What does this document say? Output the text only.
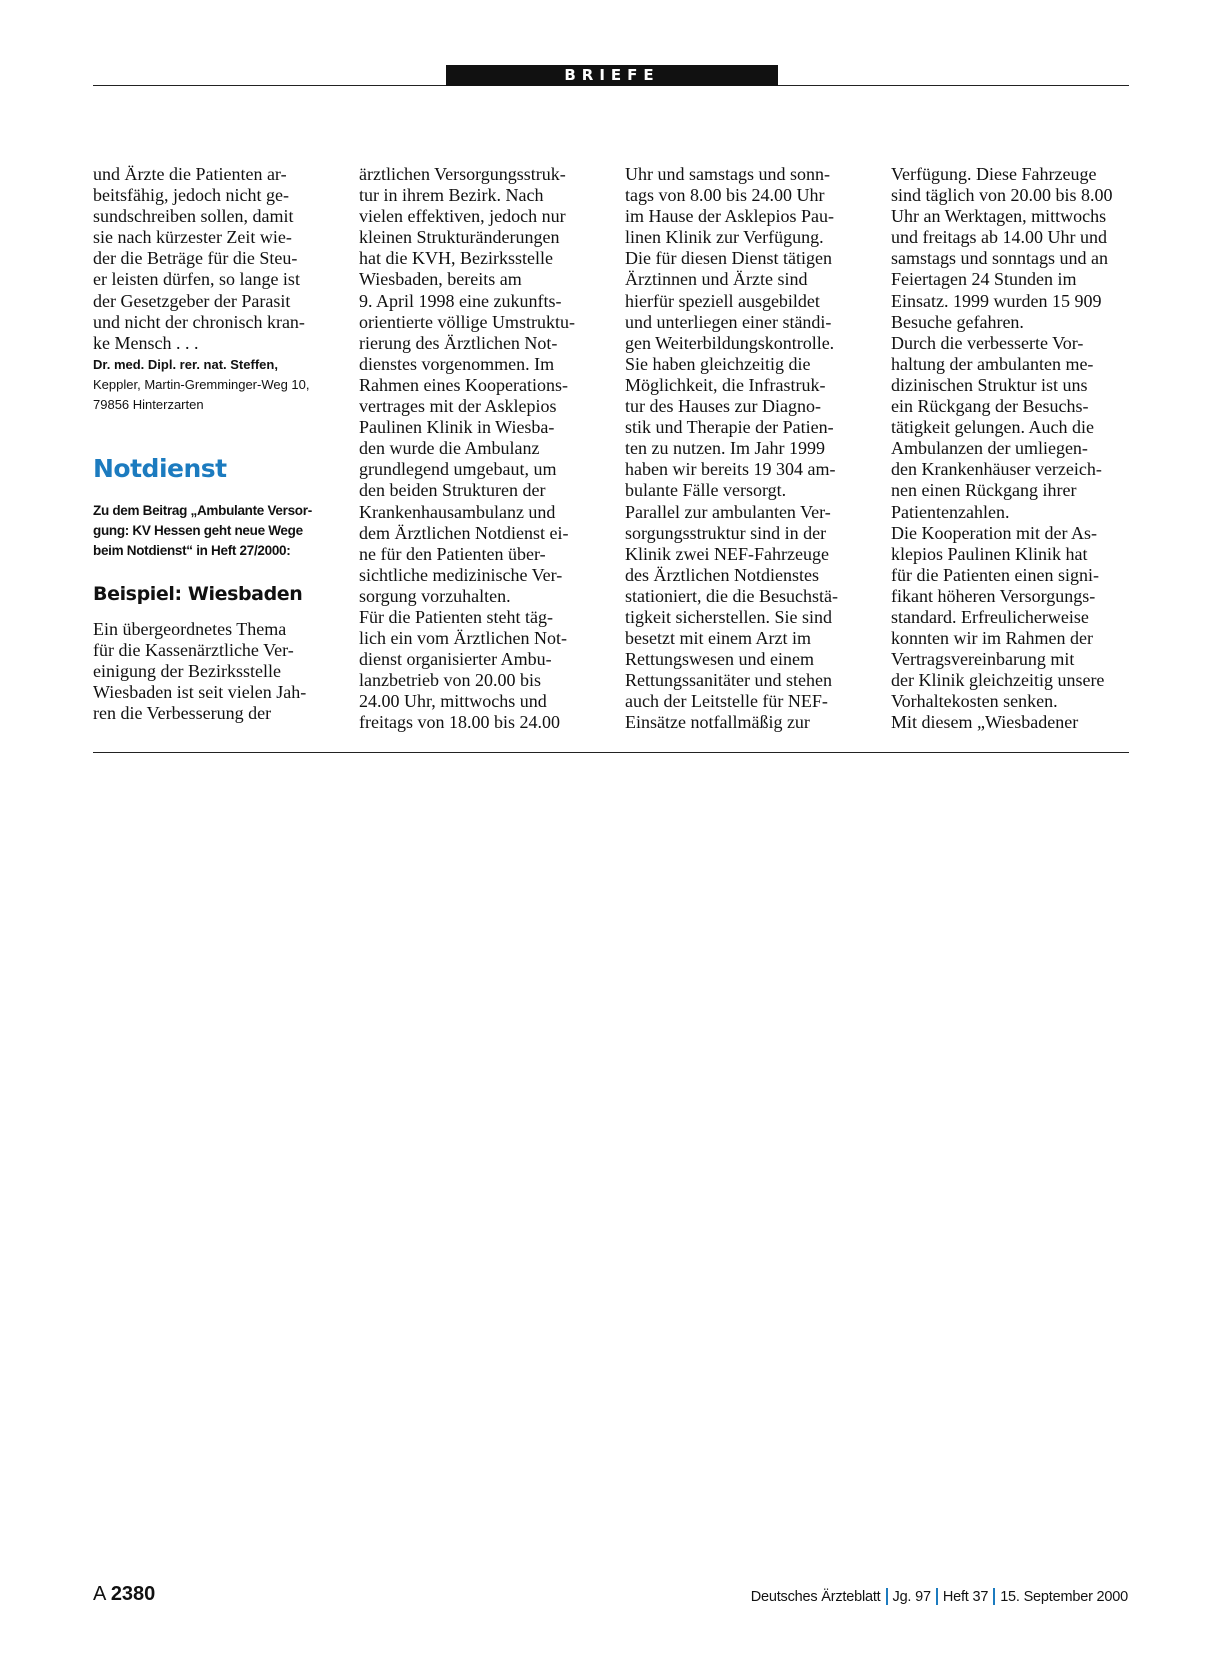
BRIEFE
und Ärzte die Patienten ar-
beitsfähig, jedoch nicht ge-
sundschreiben sollen, damit
sie nach kürzester Zeit wie-
der die Beträge für die Steu-
er leisten dürfen, so lange ist
der Gesetzgeber der Parasit
und nicht der chronisch kran-
ke Mensch . . .
Dr. med. Dipl. rer. nat. Steffen,
Keppler, Martin-Gremminger-Weg 10,
79856 Hinterzarten
Notdienst
Zu dem Beitrag „Ambulante Versor-
gung: KV Hessen geht neue Wege
beim Notdienst“ in Heft 27/2000:
Beispiel: Wiesbaden
Ein übergeordnetes Thema
für die Kassenärztliche Ver-
einigung der Bezirksstelle
Wiesbaden ist seit vielen Jah-
ren die Verbesserung der
ärztlichen Versorgungsstruk-
tur in ihrem Bezirk. Nach
vielen effektiven, jedoch nur
kleinen Strukturänderungen
hat die KVH, Bezirksstelle
Wiesbaden, bereits am
9. April 1998 eine zukunfts-
orientierte völlige Umstruktu-
rierung des Ärztlichen Not-
dienstes vorgenommen. Im
Rahmen eines Kooperations-
vertrages mit der Asklepios
Paulinen Klinik in Wiesba-
den wurde die Ambulanz
grundlegend umgebaut, um
den beiden Strukturen der
Krankenhausambulanz und
dem Ärztlichen Notdienst ei-
ne für den Patienten über-
sichtliche medizinische Ver-
sorgung vorzuhalten.
Für die Patienten steht täg-
lich ein vom Ärztlichen Not-
dienst organisierter Ambu-
lanzbetrieb von 20.00 bis
24.00 Uhr, mittwochs und
freitags von 18.00 bis 24.00
Uhr und samstags und sonn-
tags von 8.00 bis 24.00 Uhr
im Hause der Asklepios Pau-
linen Klinik zur Verfügung.
Die für diesen Dienst tätigen
Ärztinnen und Ärzte sind
hierfür speziell ausgebildet
und unterliegen einer ständi-
gen Weiterbildungskontrolle.
Sie haben gleichzeitig die
Möglichkeit, die Infrastruk-
tur des Hauses zur Diagno-
stik und Therapie der Patien-
ten zu nutzen. Im Jahr 1999
haben wir bereits 19 304 am-
bulante Fälle versorgt.
Parallel zur ambulanten Ver-
sorgungsstruktur sind in der
Klinik zwei NEF-Fahrzeuge
des Ärztlichen Notdienstes
stationiert, die die Besuchstä-
tigkeit sicherstellen. Sie sind
besetzt mit einem Arzt im
Rettungswesen und einem
Rettungssanitäter und stehen
auch der Leitstelle für NEF-
Einsätze notfallmäßig zur
Verfügung. Diese Fahrzeuge
sind täglich von 20.00 bis 8.00
Uhr an Werktagen, mittwochs
und freitags ab 14.00 Uhr und
samstags und sonntags und an
Feiertagen 24 Stunden im
Einsatz. 1999 wurden 15 909
Besuche gefahren.
Durch die verbesserte Vor-
haltung der ambulanten me-
dizinischen Struktur ist uns
ein Rückgang der Besuchs-
tätigkeit gelungen. Auch die
Ambulanzen der umliegen-
den Krankenhäuser verzeich-
nen einen Rückgang ihrer
Patientenzahlen.
Die Kooperation mit der As-
klepios Paulinen Klinik hat
für die Patienten einen signi-
fikant höheren Versorgungs-
standard. Erfreulicherweise
konnten wir im Rahmen der
Vertragsvereinbarung mit
der Klinik gleichzeitig unsere
Vorhaltekosten senken.
Mit diesem „Wiesbadener
A 2380	Deutsches Ärzteblatt Jg. 97 Heft 37 15. September 2000
